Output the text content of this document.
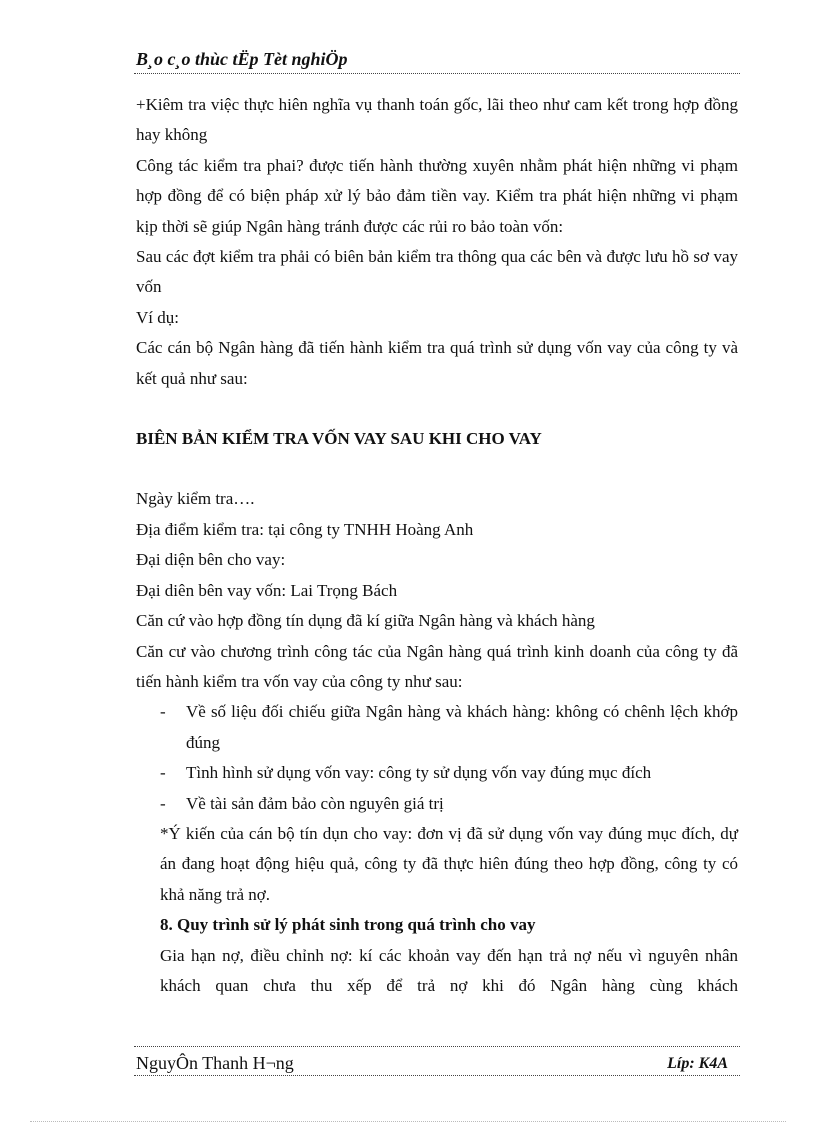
B¸o c¸o thùc tËp Tèt nghiÖp

+Kiêm tra việc thực hiên nghĩa vụ thanh toán gốc, lãi theo như cam kết trong hợp đồng hay không

Công tác kiểm tra phai? được tiến hành thường xuyên nhằm phát hiện những vi phạm hợp đồng để có biện pháp xử lý bảo đảm tiền vay. Kiểm tra phát hiện những vi phạm kịp thời sẽ giúp Ngân hàng tránh được các rủi ro bảo toàn vốn:

Sau các đợt kiểm tra phải có biên bản kiểm tra thông qua các bên và được lưu hồ sơ vay vốn

Ví dụ:

Các cán bộ Ngân hàng đã tiến hành kiểm tra quá trình sử dụng vốn vay của công ty và kết quả như sau:

BIÊN BẢN KIỂM TRA VỐN VAY SAU KHI CHO VAY

Ngày kiểm tra….

Địa điểm kiểm tra: tại công ty TNHH Hoàng Anh

Đại diện bên cho vay:

Đại diên bên vay vốn: Lai Trọng Bách

Căn cứ vào hợp đồng tín dụng đã kí giữa Ngân hàng và khách hàng

Căn cư vào chương trình công tác của Ngân hàng quá trình kinh doanh của công ty đã tiến hành kiểm tra vốn vay của công ty như sau:

- Về số liệu đối chiếu giữa Ngân hàng và khách hàng: không có chênh lệch khớp đúng
- Tình hình sử dụng vốn vay: công ty sử dụng vốn vay đúng mục đích
- Về tài sản đảm bảo còn nguyên giá trị

*Ý kiến của cán bộ tín dụn cho vay: đơn vị đã sử dụng vốn vay đúng mục đích, dự án đang hoạt động hiệu quả, công ty đã thực hiên đúng theo hợp đồng, công ty có khả năng trả nợ.

8. Quy trình sử lý phát sinh trong quá trình cho vay

Gia hạn nợ, điều chỉnh nợ: kí các khoản vay đến hạn trả nợ nếu vì nguyên nhân khách quan chưa thu xếp để trả nợ khi đó Ngân hàng cùng khách

NguyÔn Thanh H¬ng	Líp: K4A
